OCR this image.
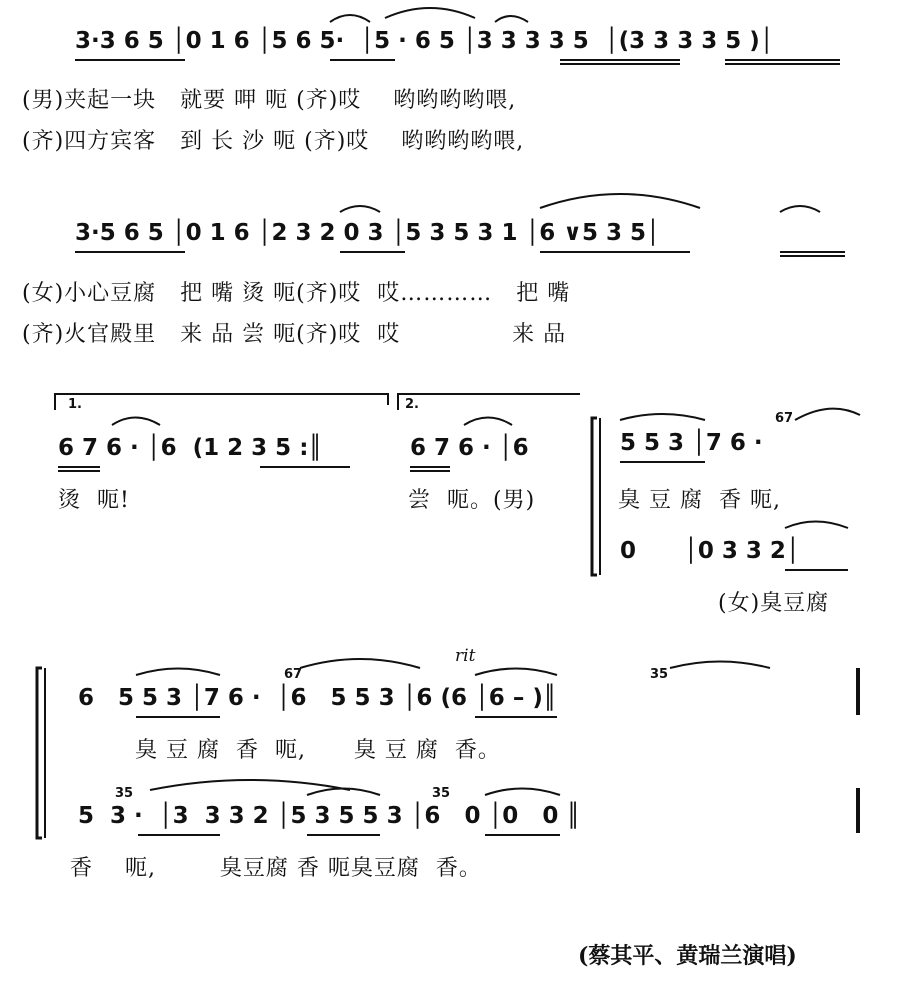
3·3 6 5 │0 1 6 │5 6 5·  │5 · 6 5 │3 3 3 3 5  │(3 3 3 3 5 )│
(男)夹起一块   就要 呷 呃 (齐)哎    哟哟哟哟喂,
(齐)四方宾客   到 长 沙 呃 (齐)哎    哟哟哟哟喂,
3·5 6 5 │0 1 6 │2 3 2 0 3 │5 3 5 3 1 │6 ∨5 3 5│
(女)小心豆腐   把 嘴 烫 呃(齐)哎  哎…………   把 嘴
(齐)火官殿里   来 品 尝 呃(齐)哎  哎              来 品
1.	2.
6 7 6 · │6  (1 2 3 5 :║	6 7 6 · │6	5 5 3 │7 6 ·
67
烫  呃!	尝  呃。(男)	臭 豆 腐  香 呃,
0      │0 3 3 2│
(女)臭豆腐
rit
6   5 5 3 │7 6 ·  │6   5 5 3 │6 (6 │6 – )║
67	35
臭 豆 腐  香  呃,      臭 豆 腐  香。
35	35
5  3 ·  │3  3 3 2 │5 3 5 5 3 │6   0 │0   0 ║
香    呃,        臭豆腐 香 呃臭豆腐  香。
(蔡其平、黄瑞兰演唱)
